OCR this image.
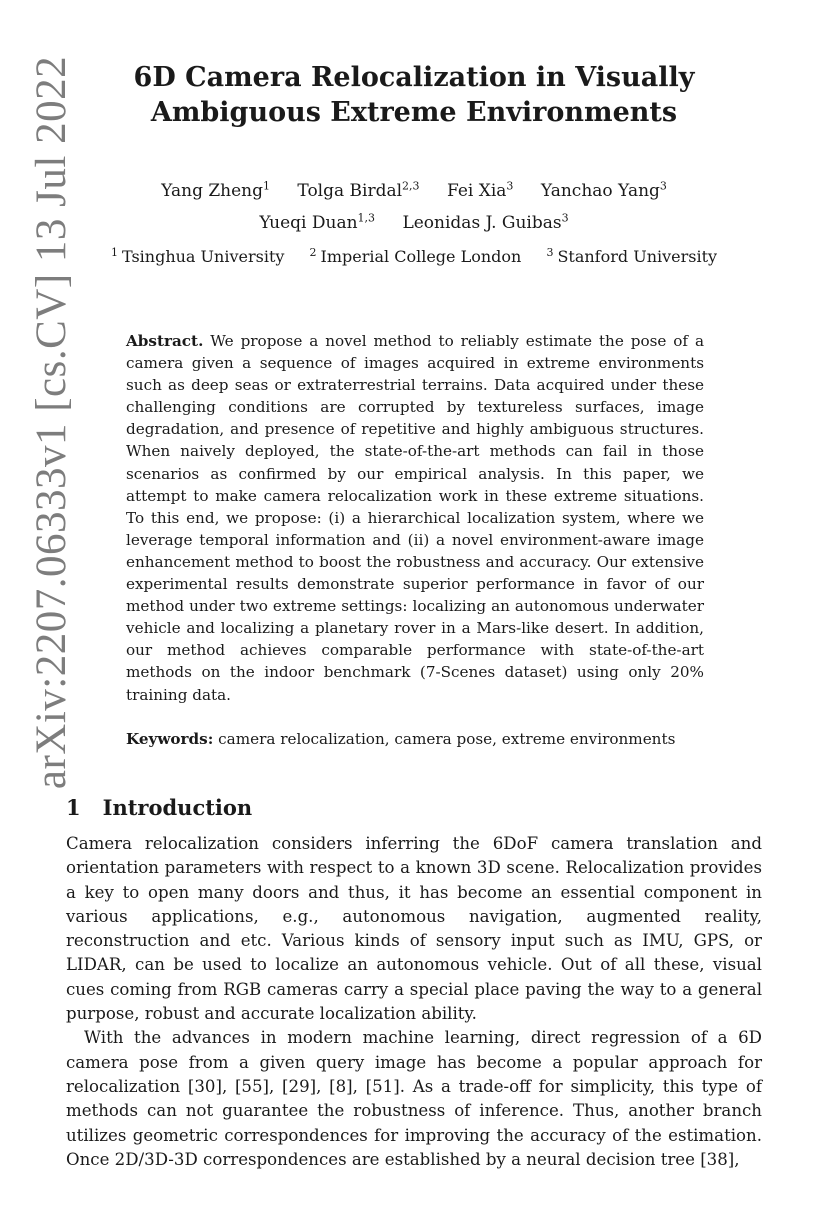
arXiv:2207.06333v1 [cs.CV] 13 Jul 2022	6D Camera Relocalization in Visually
Ambiguous Extreme Environments
Yang Zheng$^1$ Tolga Birdal$^{2,3}$ Fei Xia$^3$ Yanchao Yang$^3$
Yueqi Duan$^{1,3}$ Leonidas J. Guibas$^3$
$^1$ Tsinghua University $^2$ Imperial College London $^3$ Stanford University

Abstract. We propose a novel method to reliably estimate the pose of a camera given a sequence of images acquired in extreme environments such as deep seas or extraterrestrial terrains. Data acquired under these challenging conditions are corrupted by textureless surfaces, image degradation, and presence of repetitive and highly ambiguous structures. When naively deployed, the state-of-the-art methods can fail in those scenarios as confirmed by our empirical analysis. In this paper, we attempt to make camera relocalization work in these extreme situations. To this end, we propose: (i) a hierarchical localization system, where we leverage temporal information and (ii) a novel environment-aware image enhancement method to boost the robustness and accuracy. Our extensive experimental results demonstrate superior performance in favor of our method under two extreme settings: localizing an autonomous underwater vehicle and localizing a planetary rover in a Mars-like desert. In addition, our method achieves comparable performance with state-of-the-art methods on the indoor benchmark (7-Scenes dataset) using only 20% training data.

Keywords: camera relocalization, camera pose, extreme environments

1 Introduction

Camera relocalization considers inferring the 6DoF camera translation and orientation parameters with respect to a known 3D scene. Relocalization provides a key to open many doors and thus, it has become an essential component in various applications, e.g., autonomous navigation, augmented reality, reconstruction and etc. Various kinds of sensory input such as IMU, GPS, or LIDAR, can be used to localize an autonomous vehicle. Out of all these, visual cues coming from RGB cameras carry a special place paving the way to a general purpose, robust and accurate localization ability.

With the advances in modern machine learning, direct regression of a 6D camera pose from a given query image has become a popular approach for relocalization [30], [55], [29], [8], [51]. As a trade-off for simplicity, this type of methods can not guarantee the robustness of inference. Thus, another branch utilizes geometric correspondences for improving the accuracy of the estimation. Once 2D/3D-3D correspondences are established by a neural decision tree [38],
